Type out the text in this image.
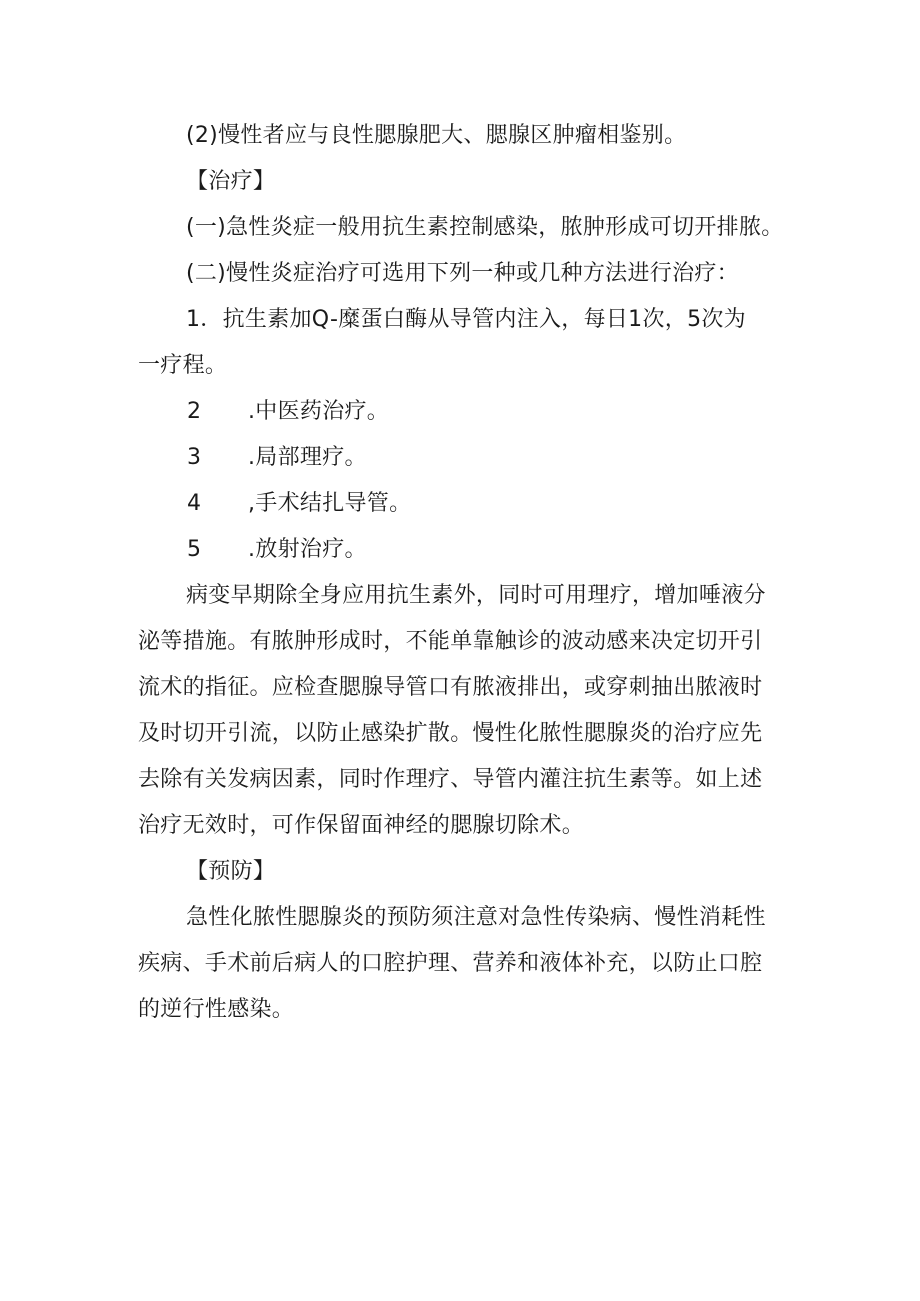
(2)慢性者应与良性腮腺肥大、腮腺区肿瘤相鉴别。

【治疗】

(一)急性炎症一般用抗生素控制感染，脓肿形成可切开排脓。

(二)慢性炎症治疗可选用下列一种或几种方法进行治疗：

1．抗生素加Q-糜蛋白酶从导管内注入，每日1次，5次为

一疗程。

2	.中医药治疗。
3	.局部理疗。
4	,手术结扎导管。
5	.放射治疗。

病变早期除全身应用抗生素外，同时可用理疗，增加唾液分

泌等措施。有脓肿形成时，不能单靠触诊的波动感来决定切开引

流术的指征。应检查腮腺导管口有脓液排出，或穿刺抽出脓液时

及时切开引流，以防止感染扩散。慢性化脓性腮腺炎的治疗应先

去除有关发病因素，同时作理疗、导管内灌注抗生素等。如上述

治疗无效时，可作保留面神经的腮腺切除术。

【预防】

急性化脓性腮腺炎的预防须注意对急性传染病、慢性消耗性

疾病、手术前后病人的口腔护理、营养和液体补充，以防止口腔

的逆行性感染。
